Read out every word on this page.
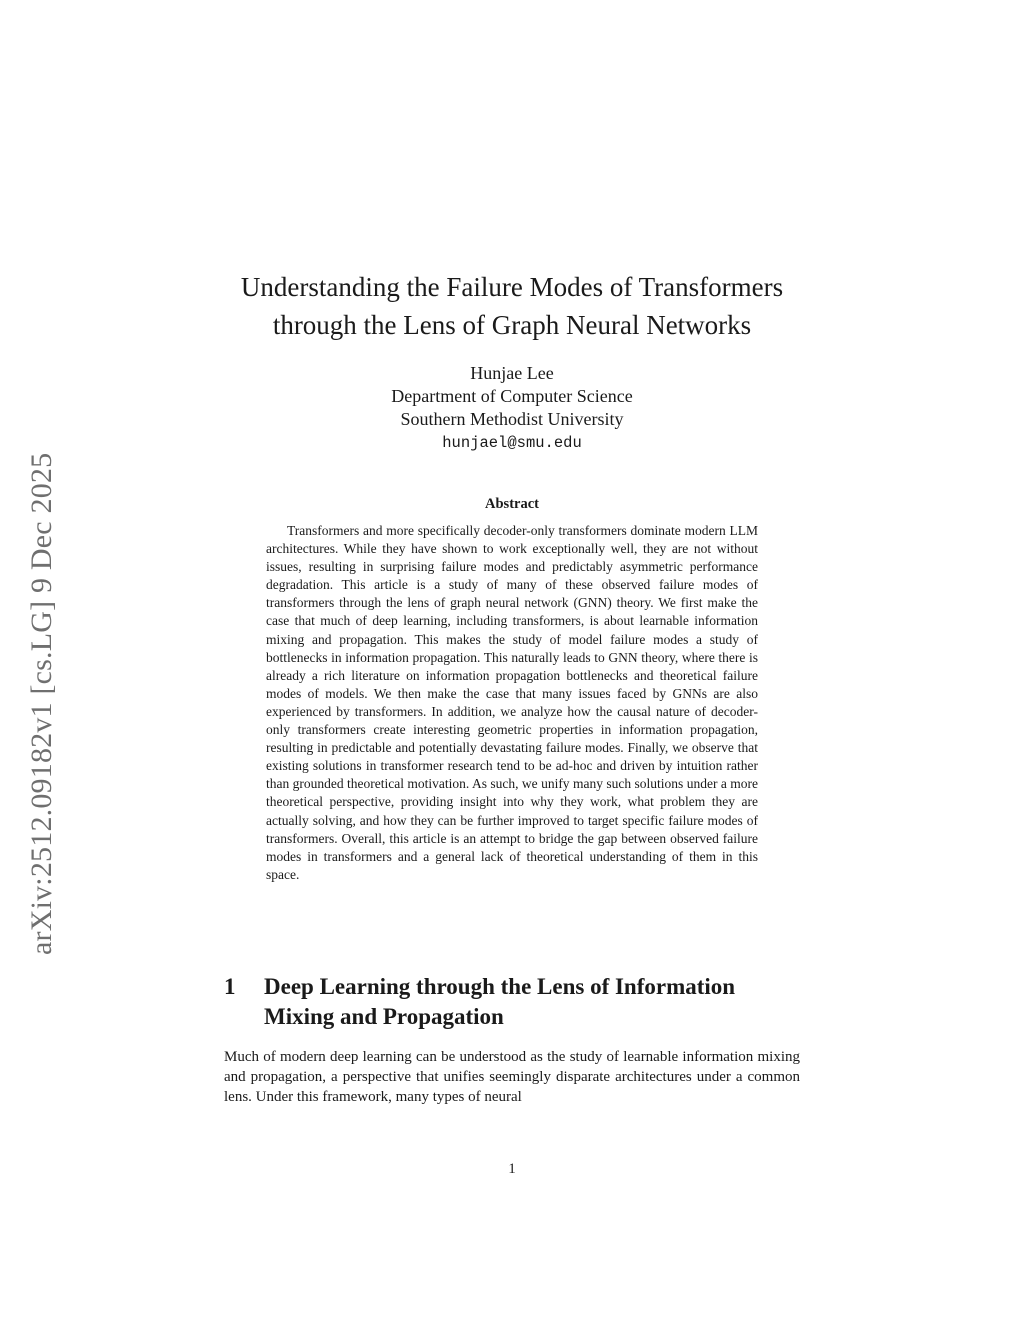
arXiv:2512.09182v1 [cs.LG] 9 Dec 2025

Understanding the Failure Modes of Transformers

through the Lens of Graph Neural Networks

Hunjae Lee
Department of Computer Science
Southern Methodist University
hunjael@smu.edu
Abstract

Transformers and more specifically decoder-only transformers dominate modern LLM architectures. While they have shown to work exceptionally well, they are not without issues, resulting in surprising failure modes and predictably asymmetric performance degradation. This article is a study of many of these observed failure modes of transformers through the lens of graph neural network (GNN) theory. We first make the case that much of deep learning, including transformers, is about learnable information mixing and propagation. This makes the study of model failure modes a study of bottlenecks in information propagation. This naturally leads to GNN theory, where there is already a rich literature on information propagation bottlenecks and theoretical failure modes of models. We then make the case that many issues faced by GNNs are also experienced by transformers. In addition, we analyze how the causal nature of decoder-only transformers create interesting geometric properties in information propagation, resulting in predictable and potentially devastating failure modes. Finally, we observe that existing solutions in transformer research tend to be ad-hoc and driven by intuition rather than grounded theoretical motivation. As such, we unify many such solutions under a more theoretical perspective, providing insight into why they work, what problem they are actually solving, and how they can be further improved to target specific failure modes of transformers. Overall, this article is an attempt to bridge the gap between observed failure modes in transformers and a general lack of theoretical understanding of them in this space.

1	Deep Learning through the Lens of Information Mixing and Propagation

Much of modern deep learning can be understood as the study of learnable information mixing and propagation, a perspective that unifies seemingly disparate architectures under a common lens. Under this framework, many types of neural

1
